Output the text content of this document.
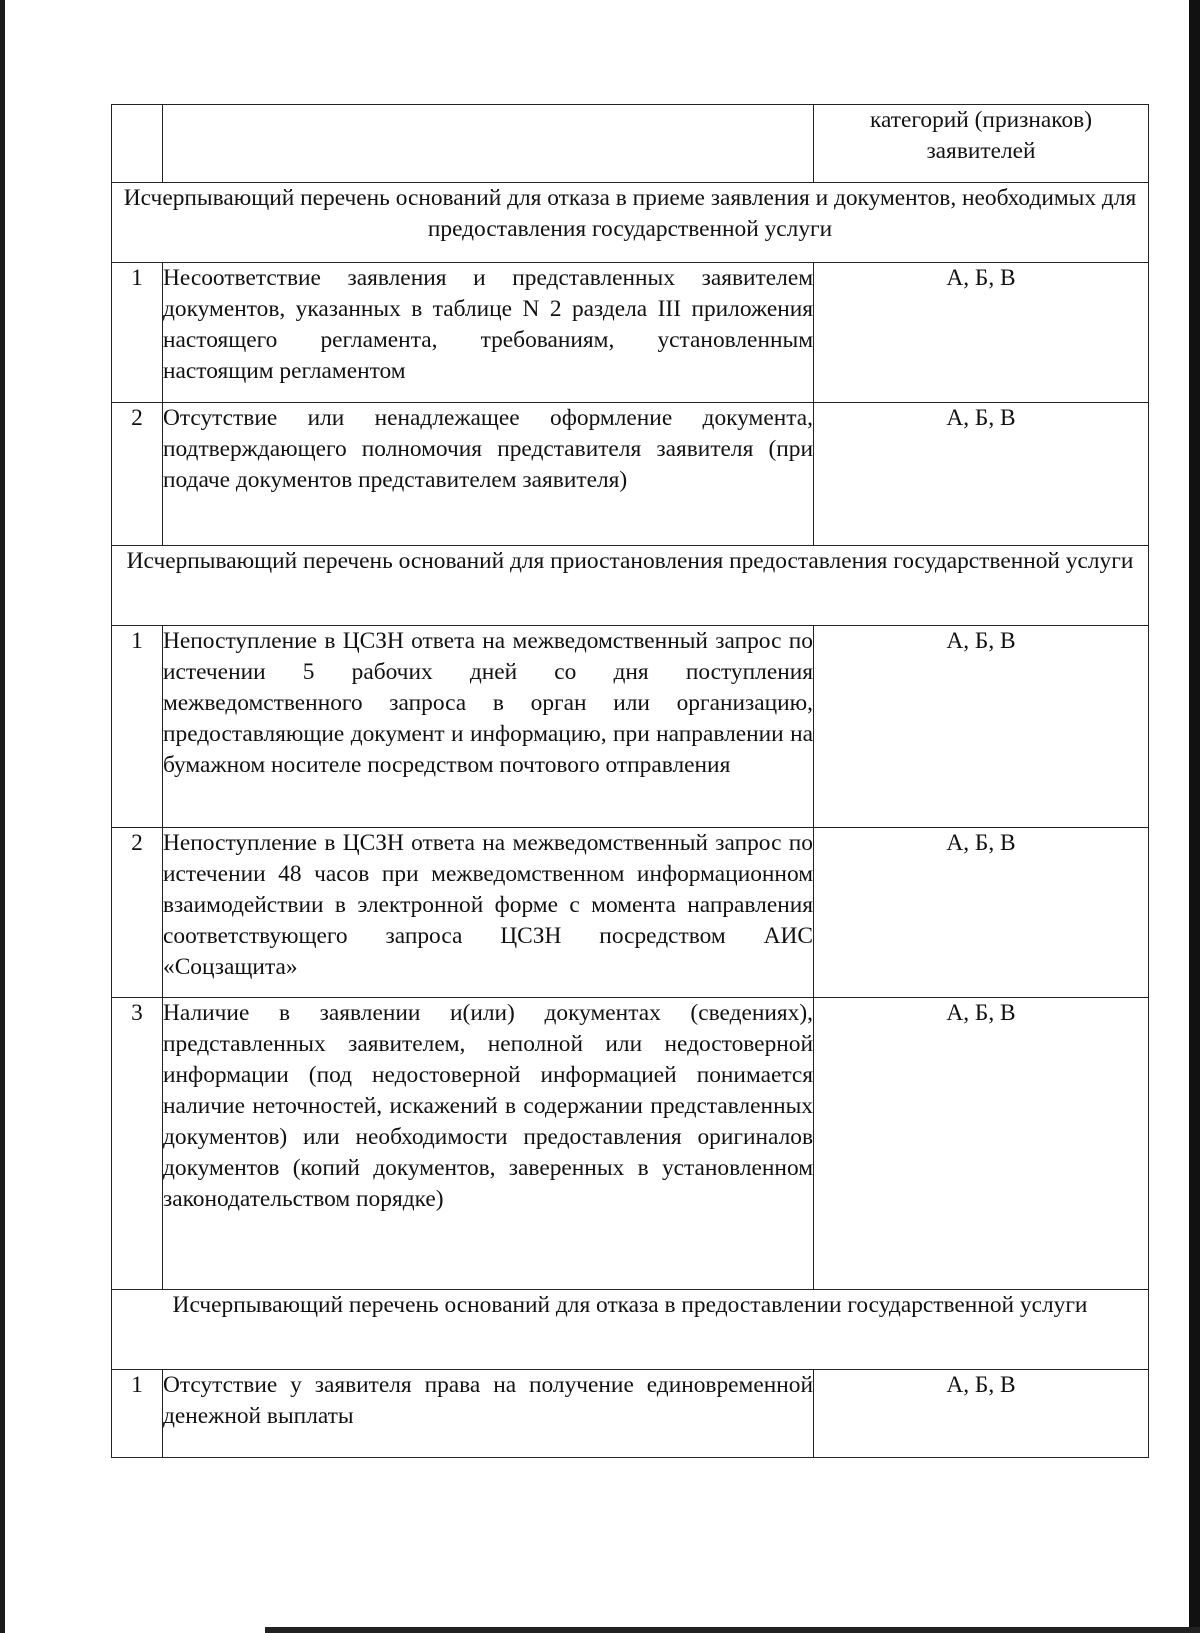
		категорий (признаков) заявителей
Исчерпывающий перечень оснований для отказа в приеме заявления и документов, необходимых для предоставления государственной услуги		
1	Несоответствие заявления и представленных заявителем документов, указанных в таблице N 2 раздела III приложения настоящего регламента, требованиям, установленным настоящим регламентом	А, Б, В
2	Отсутствие или ненадлежащее оформление документа, подтверждающего полномочия представителя заявителя (при подаче документов представителем заявителя)	А, Б, В
Исчерпывающий перечень оснований для приостановления предоставления государственной услуги		
1	Непоступление в ЦСЗН ответа на межведомственный запрос по истечении 5 рабочих дней со дня поступления межведомственного запроса в орган или организацию, предоставляющие документ и информацию, при направлении на бумажном носителе посредством почтового отправления	А, Б, В
2	Непоступление в ЦСЗН ответа на межведомственный запрос по истечении 48 часов при межведомственном информационном взаимодействии в электронной форме с момента направления соответствующего запроса ЦСЗН посредством АИС «Соцзащита»	А, Б, В
3	Наличие в заявлении и(или) документах (сведениях), представленных заявителем, неполной или недостоверной информации (под недостоверной информацией понимается наличие неточностей, искажений в содержании представленных документов) или необходимости предоставления оригиналов документов (копий документов, заверенных в установленном законодательством порядке)	А, Б, В
Исчерпывающий перечень оснований для отказа в предоставлении государственной услуги		
1	Отсутствие у заявителя права на получение единовременной денежной выплаты	А, Б, В
